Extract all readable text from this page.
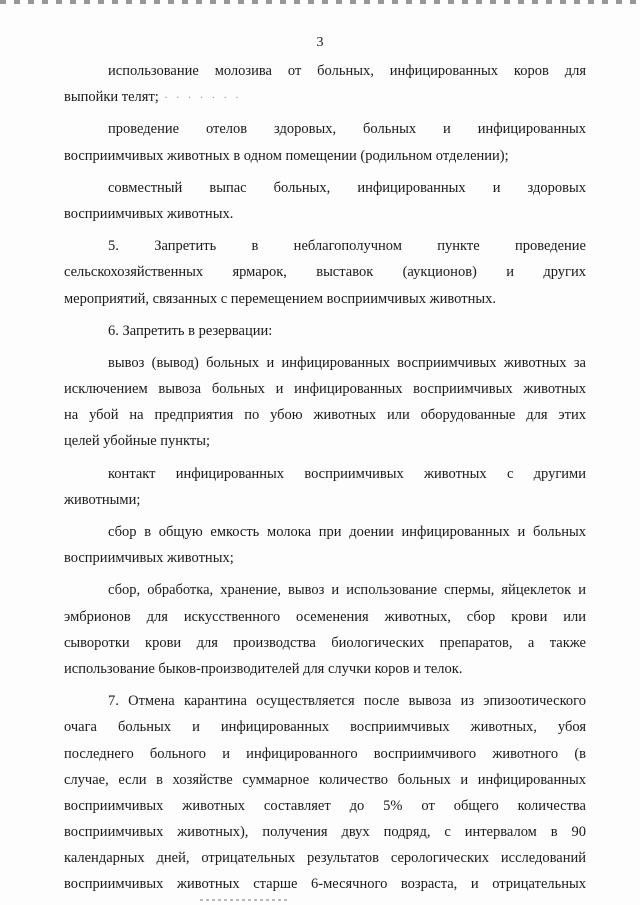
3
использование молозива от больных, инфицированных коров для
выпойки телят; · · · · · · ·
проведение отелов здоровых, больных и инфицированных
восприимчивых животных в одном помещении (родильном отделении);
совместный выпас больных, инфицированных и здоровых
восприимчивых животных.
5. Запретить в неблагополучном пункте проведение
сельскохозяйственных ярмарок, выставок (аукционов) и других
мероприятий, связанных с перемещением восприимчивых животных.
6. Запретить в резервации:
вывоз (вывод) больных и инфицированных восприимчивых животных за
исключением вывоза больных и инфицированных восприимчивых животных
на убой на предприятия по убою животных или оборудованные для этих
целей убойные пункты;
контакт инфицированных восприимчивых животных с другими
животными;
сбор в общую емкость молока при доении инфицированных и больных
восприимчивых животных;
сбор, обработка, хранение, вывоз и использование спермы, яйцеклеток и
эмбрионов для искусственного осеменения животных, сбор крови или
сыворотки крови для производства биологических препаратов, а также
использование быков-производителей для случки коров и телок.
7. Отмена карантина осуществляется после вывоза из эпизоотического
очага больных и инфицированных восприимчивых животных, убоя
последнего больного и инфицированного восприимчивого животного (в
случае, если в хозяйстве суммарное количество больных и инфицированных
восприимчивых животных составляет до 5% от общего количества
восприимчивых животных), получения двух подряд, с интервалом в 90
календарных дней, отрицательных результатов серологических исследований
восприимчивых животных старше 6-месячного возраста, и отрицательных
